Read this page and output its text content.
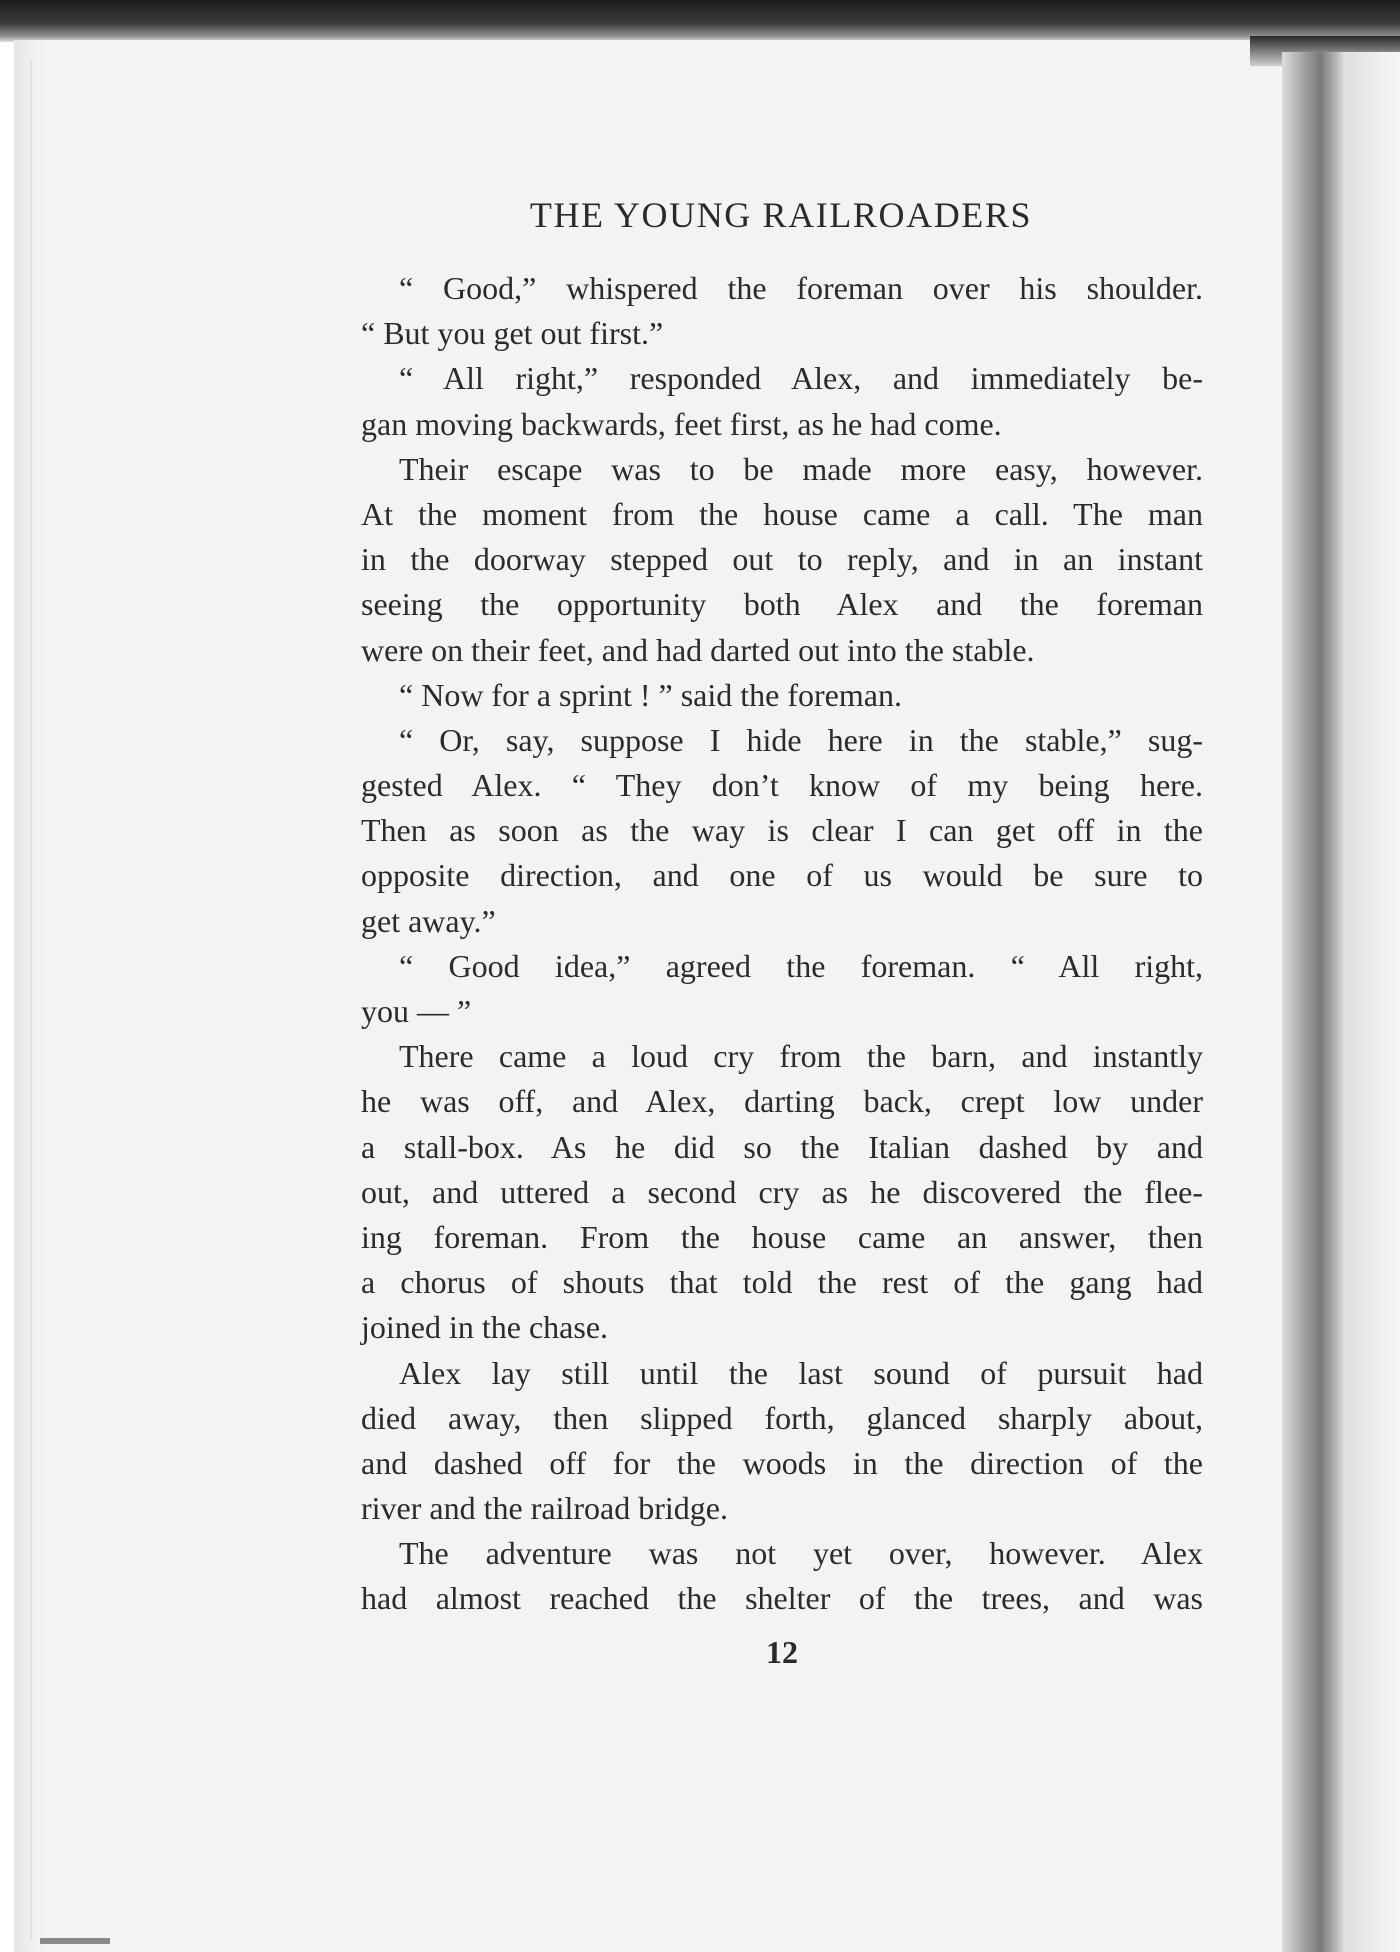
THE YOUNG RAILROADERS
“ Good,” whispered the foreman over his shoulder.
“ But you get out first.”
“ All right,” responded Alex, and immediately be-
gan moving backwards, feet first, as he had come.
Their escape was to be made more easy, however.
At the moment from the house came a call. The man
in the doorway stepped out to reply, and in an instant
seeing the opportunity both Alex and the foreman
were on their feet, and had darted out into the stable.
“ Now for a sprint ! ” said the foreman.
“ Or, say, suppose I hide here in the stable,” sug-
gested Alex. “ They don’t know of my being here.
Then as soon as the way is clear I can get off in the
opposite direction, and one of us would be sure to
get away.”
“ Good idea,” agreed the foreman. “ All right,
you — ”
There came a loud cry from the barn, and instantly
he was off, and Alex, darting back, crept low under
a stall-box. As he did so the Italian dashed by and
out, and uttered a second cry as he discovered the flee-
ing foreman. From the house came an answer, then
a chorus of shouts that told the rest of the gang had
joined in the chase.
Alex lay still until the last sound of pursuit had
died away, then slipped forth, glanced sharply about,
and dashed off for the woods in the direction of the
river and the railroad bridge.
The adventure was not yet over, however. Alex
had almost reached the shelter of the trees, and was
12
